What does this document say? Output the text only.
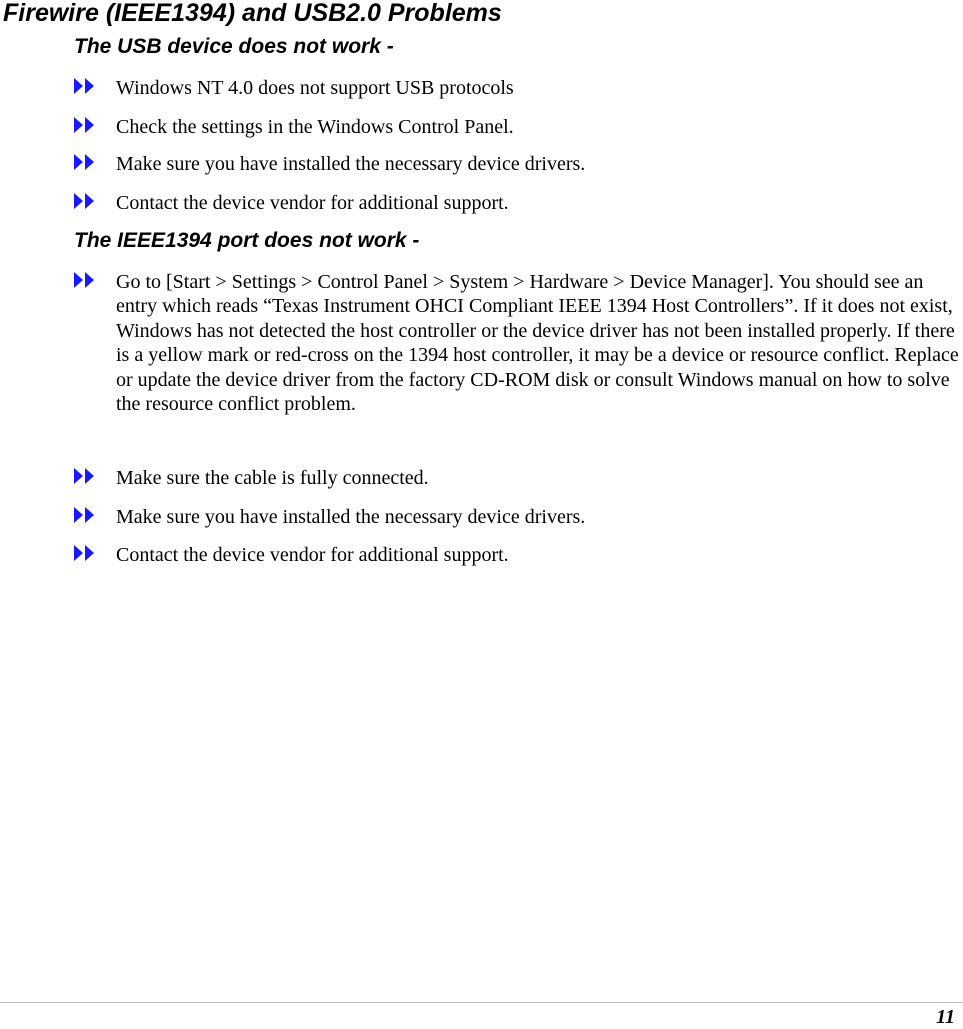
Firewire (IEEE1394) and USB2.0 Problems
The USB device does not work -

Windows NT 4.0 does not support USB protocols

Check the settings in the Windows Control Panel.

Make sure you have installed the necessary device drivers.

Contact the device vendor for additional support.

The IEEE1394 port does not work -

Go to [Start > Settings > Control Panel > System > Hardware > Device Manager]. You should see an entry which reads “Texas Instrument OHCI Compliant IEEE 1394 Host Controllers”. If it does not exist, Windows has not detected the host controller or the device driver has not been installed properly. If there is a yellow mark or red-cross on the 1394 host controller, it may be a device or resource conflict. Replace or update the device driver from the factory CD-ROM disk or consult Windows manual on how to solve the resource conflict problem.

Make sure the cable is fully connected.

Make sure you have installed the necessary device drivers.

Contact the device vendor for additional support.

11
